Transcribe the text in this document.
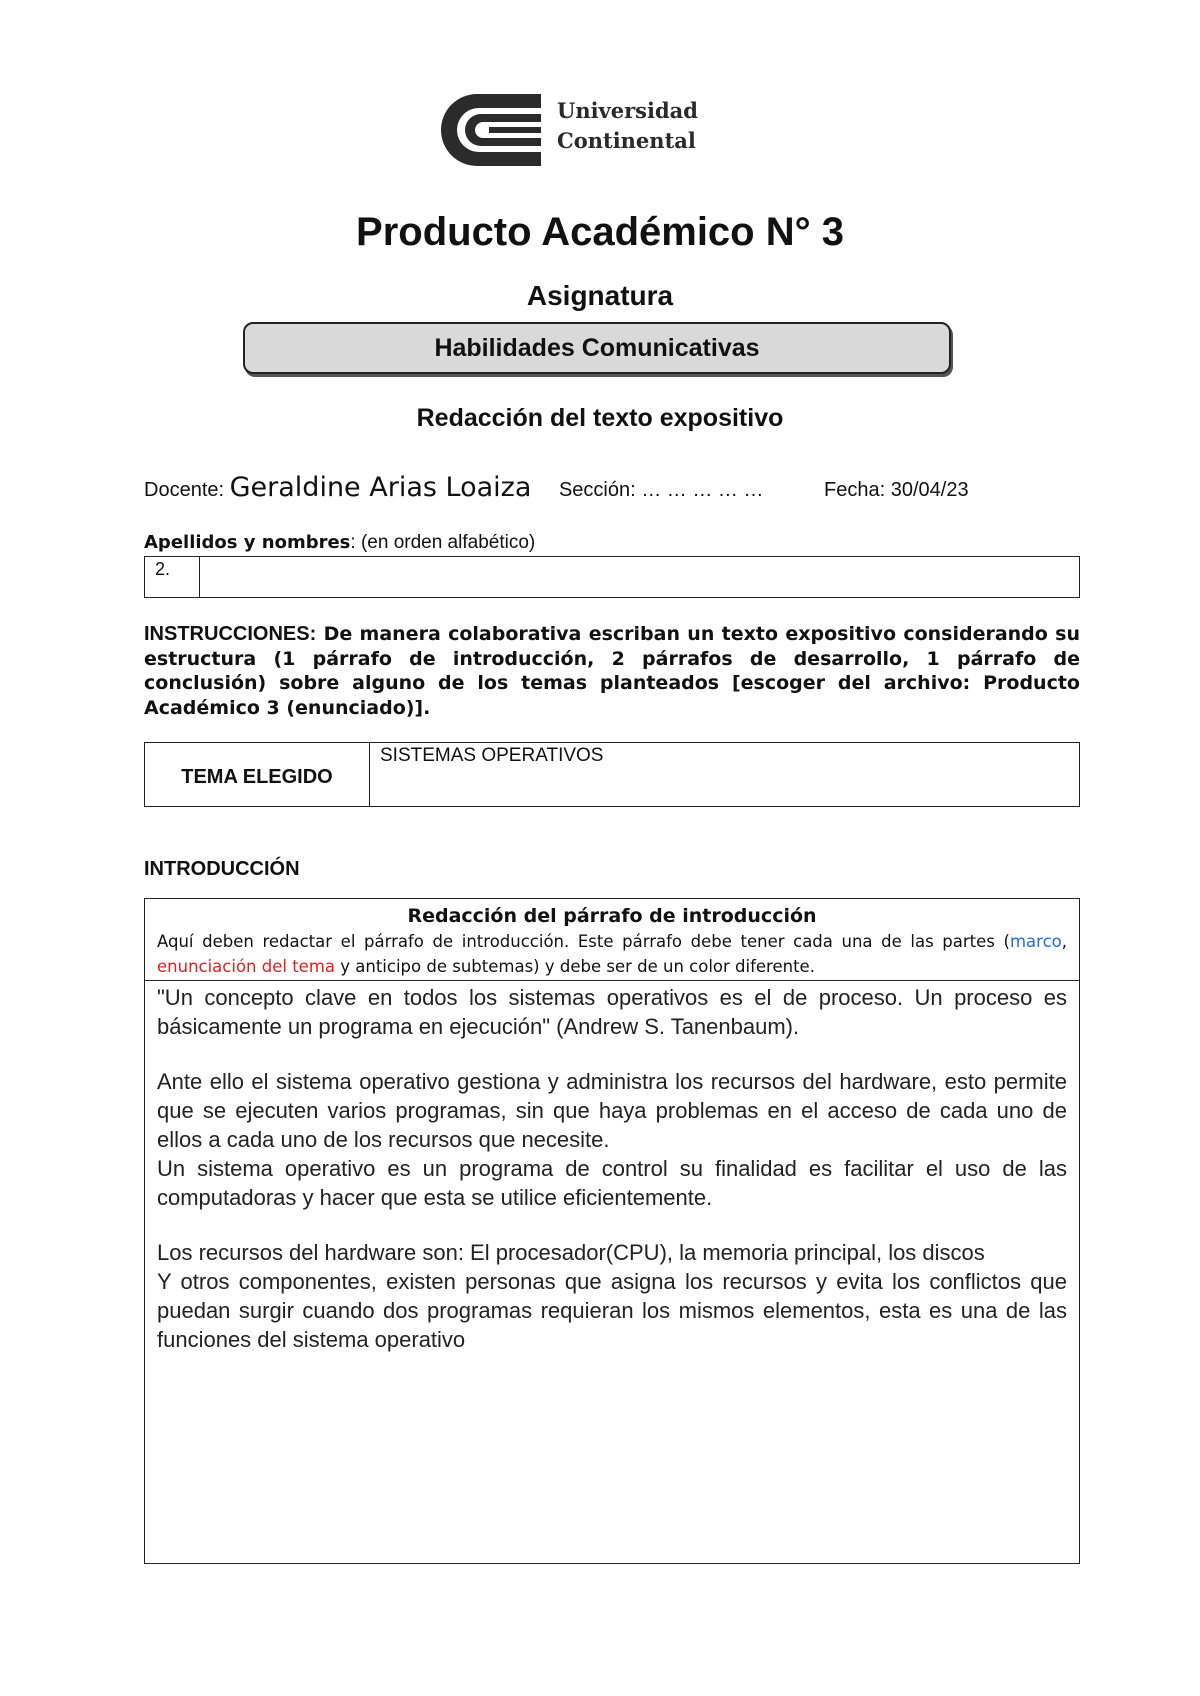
Universidad
Continental
Producto Académico N° 3
Asignatura
Habilidades Comunicativas
Redacción del texto expositivo
Docente: Geraldine Arias Loaiza Sección: … … … … …	Fecha: 30/04/23
Apellidos y nombres: (en orden alfabético)
2.	
INSTRUCCIONES: De manera colaborativa escriban un texto expositivo considerando su estructura (1 párrafo de introducción, 2 párrafos de desarrollo, 1 párrafo de conclusión) sobre alguno de los temas planteados [escoger del archivo: Producto Académico 3 (enunciado)].
TEMA ELEGIDO	SISTEMAS OPERATIVOS
INTRODUCCIÓN
Redacción del párrafo de introducción
Aquí deben redactar el párrafo de introducción. Este párrafo debe tener cada una de las partes (marco, enunciación del tema y anticipo de subtemas) y debe ser de un color diferente.

"Un concepto clave en todos los sistemas operativos es el de proceso. Un proceso es básicamente un programa en ejecución" (Andrew S. Tanenbaum).

Ante ello el sistema operativo gestiona y administra los recursos del hardware, esto permite que se ejecuten varios programas, sin que haya problemas en el acceso de cada uno de ellos a cada uno de los recursos que necesite.

Un sistema operativo es un programa de control su finalidad es facilitar el uso de las computadoras y hacer que esta se utilice eficientemente.

Los recursos del hardware son: El procesador(CPU), la memoria principal, los discos

Y otros componentes, existen personas que asigna los recursos y evita los conflictos que puedan surgir cuando dos programas requieran los mismos elementos, esta es una de las funciones del sistema operativo
